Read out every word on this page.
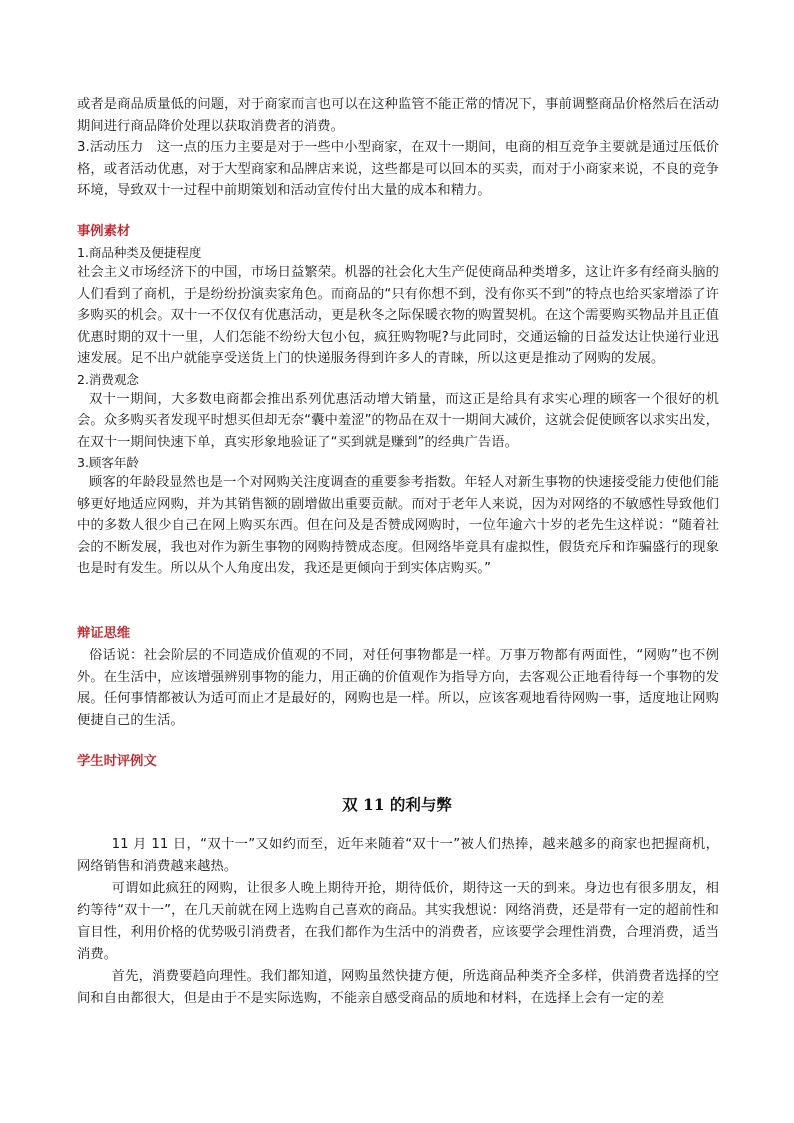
或者是商品质量低的问题，对于商家而言也可以在这种监管不能正常的情况下，事前调整商品价格然后在活动期间进行商品降价处理以获取消费者的消费。

3.活动压力　这一点的压力主要是对于一些中小型商家，在双十一期间，电商的相互竞争主要就是通过压低价格，或者活动优惠，对于大型商家和品牌店来说，这些都是可以回本的买卖，而对于小商家来说，不良的竞争环境，导致双十一过程中前期策划和活动宣传付出大量的成本和精力。

事例素材

1.商品种类及便捷程度

社会主义市场经济下的中国，市场日益繁荣。机器的社会化大生产促使商品种类增多，这让许多有经商头脑的人们看到了商机，于是纷纷扮演卖家角色。而商品的“只有你想不到，没有你买不到”的特点也给买家增添了许多购买的机会。双十一不仅仅有优惠活动，更是秋冬之际保暖衣物的购置契机。在这个需要购买物品并且正值优惠时期的双十一里，人们怎能不纷纷大包小包，疯狂购物呢?与此同时，交通运输的日益发达让快递行业迅速发展。足不出户就能享受送货上门的快递服务得到许多人的青睐，所以这更是推动了网购的发展。

2.消费观念

双十一期间，大多数电商都会推出系列优惠活动增大销量，而这正是给具有求实心理的顾客一个很好的机会。众多购买者发现平时想买但却无奈“囊中羞涩”的物品在双十一期间大减价，这就会促使顾客以求实出发，在双十一期间快速下单，真实形象地验证了“买到就是赚到”的经典广告语。

3.顾客年龄

顾客的年龄段显然也是一个对网购关注度调查的重要参考指数。年轻人对新生事物的快速接受能力使他们能够更好地适应网购，并为其销售额的剧增做出重要贡献。而对于老年人来说，因为对网络的不敏感性导致他们中的多数人很少自己在网上购买东西。但在问及是否赞成网购时，一位年逾六十岁的老先生这样说：“随着社会的不断发展，我也对作为新生事物的网购持赞成态度。但网络毕竟具有虚拟性，假货充斥和诈骗盛行的现象也是时有发生。所以从个人角度出发，我还是更倾向于到实体店购买。”

辩证思维

俗话说：社会阶层的不同造成价值观的不同，对任何事物都是一样。万事万物都有两面性，“网购”也不例外。在生活中，应该增强辨别事物的能力，用正确的价值观作为指导方向，去客观公正地看待每一个事物的发展。任何事情都被认为适可而止才是最好的，网购也是一样。所以，应该客观地看待网购一事，适度地让网购便捷自己的生活。

学生时评例文

双 11 的利与弊

11 月 11 日，“双十一”又如约而至，近年来随着“双十一”被人们热捧，越来越多的商家也把握商机，网络销售和消费越来越热。

可谓如此疯狂的网购，让很多人晚上期待开抢，期待低价，期待这一天的到来。身边也有很多朋友，相约等待“双十一”，在几天前就在网上选购自己喜欢的商品。其实我想说：网络消费，还是带有一定的超前性和盲目性，利用价格的优势吸引消费者，在我们都作为生活中的消费者，应该要学会理性消费，合理消费，适当消费。

首先，消费要趋向理性。我们都知道，网购虽然快捷方便，所选商品种类齐全多样，供消费者选择的空间和自由都很大，但是由于不是实际选购，不能亲自感受商品的质地和材料，在选择上会有一定的差
